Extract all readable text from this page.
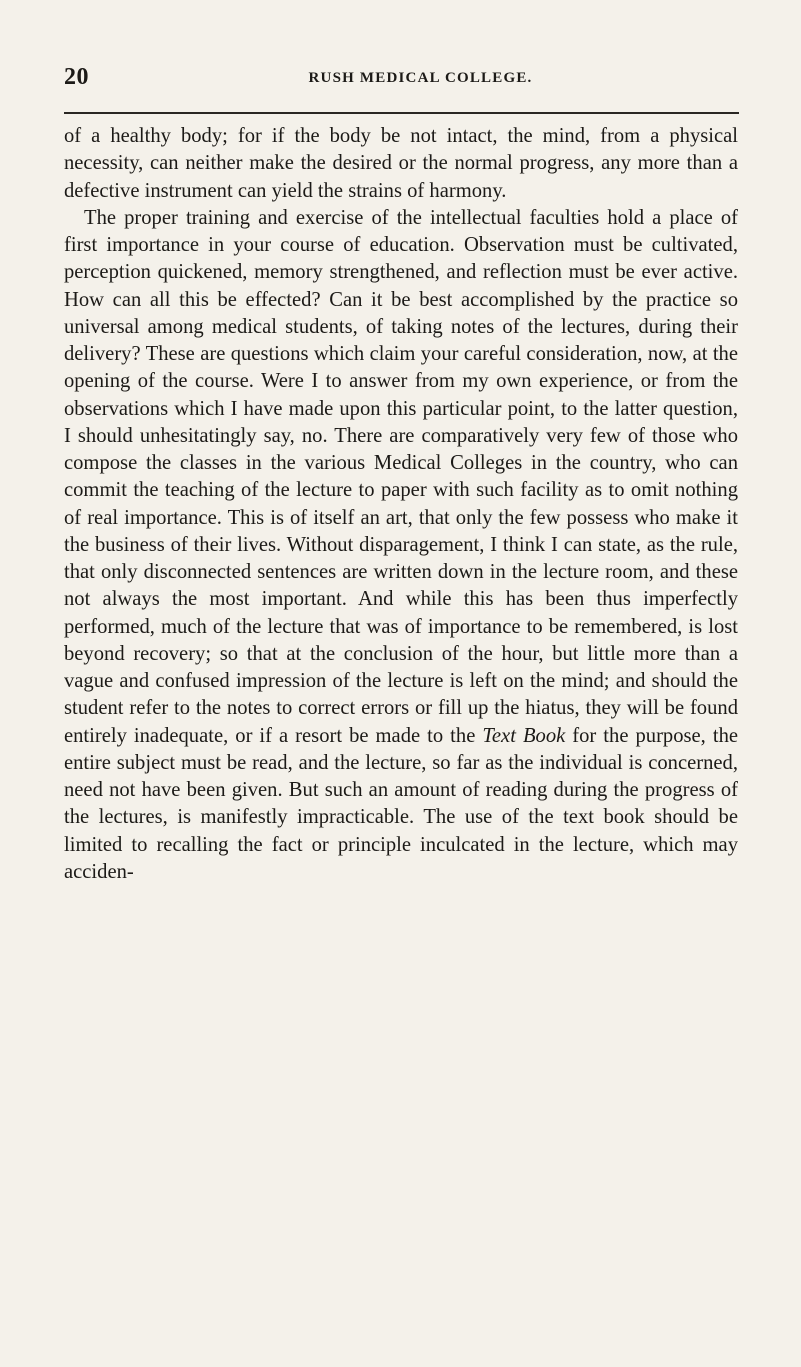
20	RUSH MEDICAL COLLEGE.

of a healthy body; for if the body be not intact, the mind, from a physical necessity, can neither make the desired or the normal progress, any more than a defective instrument can yield the strains of harmony.

The proper training and exercise of the intellectual faculties hold a place of first importance in your course of education. Observation must be cultivated, perception quickened, memory strengthened, and reflection must be ever active. How can all this be effected? Can it be best accomplished by the practice so universal among medical students, of taking notes of the lectures, during their delivery? These are questions which claim your careful consideration, now, at the opening of the course. Were I to answer from my own experience, or from the observations which I have made upon this particular point, to the latter question, I should unhesitatingly say, no. There are comparatively very few of those who compose the classes in the various Medical Colleges in the country, who can commit the teaching of the lecture to paper with such facility as to omit nothing of real importance. This is of itself an art, that only the few possess who make it the business of their lives. Without disparagement, I think I can state, as the rule, that only disconnected sentences are written down in the lecture room, and these not always the most important. And while this has been thus imperfectly performed, much of the lecture that was of importance to be remembered, is lost beyond recovery; so that at the conclusion of the hour, but little more than a vague and confused impression of the lecture is left on the mind; and should the student refer to the notes to correct errors or fill up the hiatus, they will be found entirely inadequate, or if a resort be made to the Text Book for the purpose, the entire subject must be read, and the lecture, so far as the individual is concerned, need not have been given. But such an amount of reading during the progress of the lectures, is manifestly impracticable. The use of the text book should be limited to recalling the fact or principle inculcated in the lecture, which may acciden-
